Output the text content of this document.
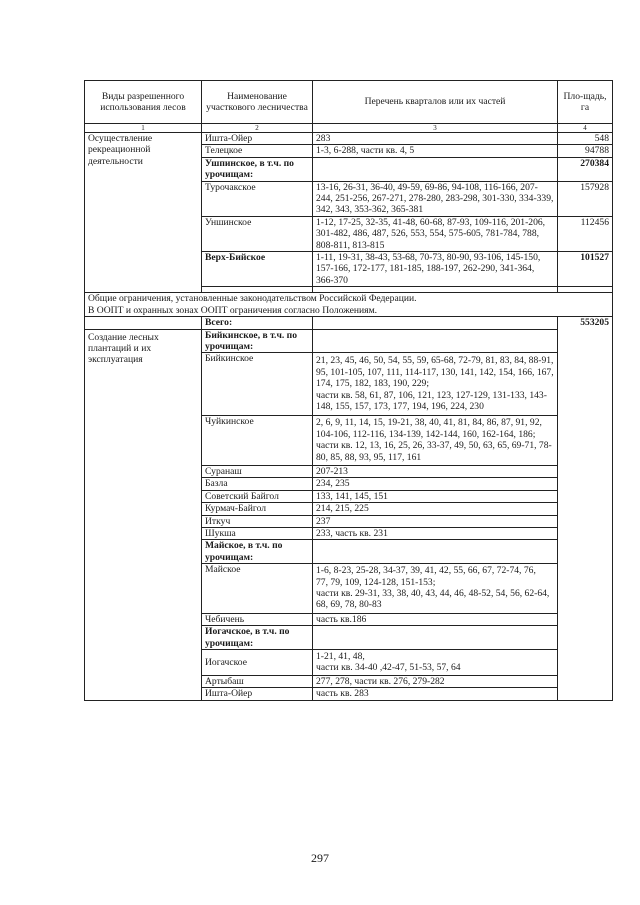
Виды разрешенного использования лесов	Наименование участкового лесничества	Перечень кварталов или их частей	Пло-щадь, га
1	2	3	4
Осуществление рекреационной деятельности	Ишта-Ойер	283	548
	Телецкое	1-3, 6-288, части кв. 4, 5	94788
	Ушпинское, в т.ч. по урочищам:		270384
	Турочакское	13-16, 26-31, 36-40, 49-59, 69-86, 94-108, 116-166, 207-244, 251-256, 267-271, 278-280, 283-298, 301-330, 334-339, 342, 343, 353-362, 365-381	157928
	Уншинское	1-12, 17-25, 32-35, 41-48, 60-68, 87-93, 109-116, 201-206, 301-482, 486, 487, 526, 553, 554, 575-605, 781-784, 788, 808-811, 813-815	112456
	Верх-Бийское	1-11, 19-31, 38-43, 53-68, 70-73, 80-90, 93-106, 145-150, 157-166, 172-177, 181-185, 188-197, 262-290, 341-364, 366-370	101527

Общие ограничения, установленные законодательством Российской Федерации.
В ООПТ и охранных зонах ООПТ ограничения согласно Положениям.			

	Всего:		553205
Создание лесных плантаций и их эксплуатация	Бийкинское, в т.ч. по урочищам:		
	Бийкинское	21, 23, 45, 46, 50, 54, 55, 59, 65-68, 72-79, 81, 83, 84, 88-91, 95, 101-105, 107, 111, 114-117, 130, 141, 142, 154, 166, 167, 174, 175, 182, 183, 190, 229;
части кв. 58, 61, 87, 106, 121, 123, 127-129, 131-133, 143-148, 155, 157, 173, 177, 194, 196, 224, 230	

	Чуйкинское	2, 6, 9, 11, 14, 15, 19-21, 38, 40, 41, 81, 84, 86, 87, 91, 92, 104-106, 112-116, 134-139, 142-144, 160, 162-164, 186;
части кв. 12, 13, 16, 25, 26, 33-37, 49, 50, 63, 65, 69-71, 78-80, 85, 88, 93, 95, 117, 161	

	Суранаш	207-213	
	Базла	234, 235	
	Советский Байгол	133, 141, 145, 151	
	Курмач-Байгол	214, 215, 225	
	Иткуч	237	
	Шукша	233, часть кв. 231	
	Майское, в т.ч. по урочищам:		
	Майское	1-6, 8-23, 25-28, 34-37, 39, 41, 42, 55, 66, 67, 72-74, 76,
77, 79, 109, 124-128, 151-153;
части кв. 29-31, 33, 38, 40, 43, 44, 46, 48-52, 54, 56, 62-64, 68, 69, 78, 80-83	

	Чебичень	часть кв.186	
	Иогачское, в т.ч. по урочищам:		
	Иогачское	1-21, 41, 48,
части кв. 34-40 ,42-47, 51-53, 57, 64	

	Артыбаш	277, 278, части кв. 276, 279-282	
	Ишта-Ойер	часть кв. 283	
297
